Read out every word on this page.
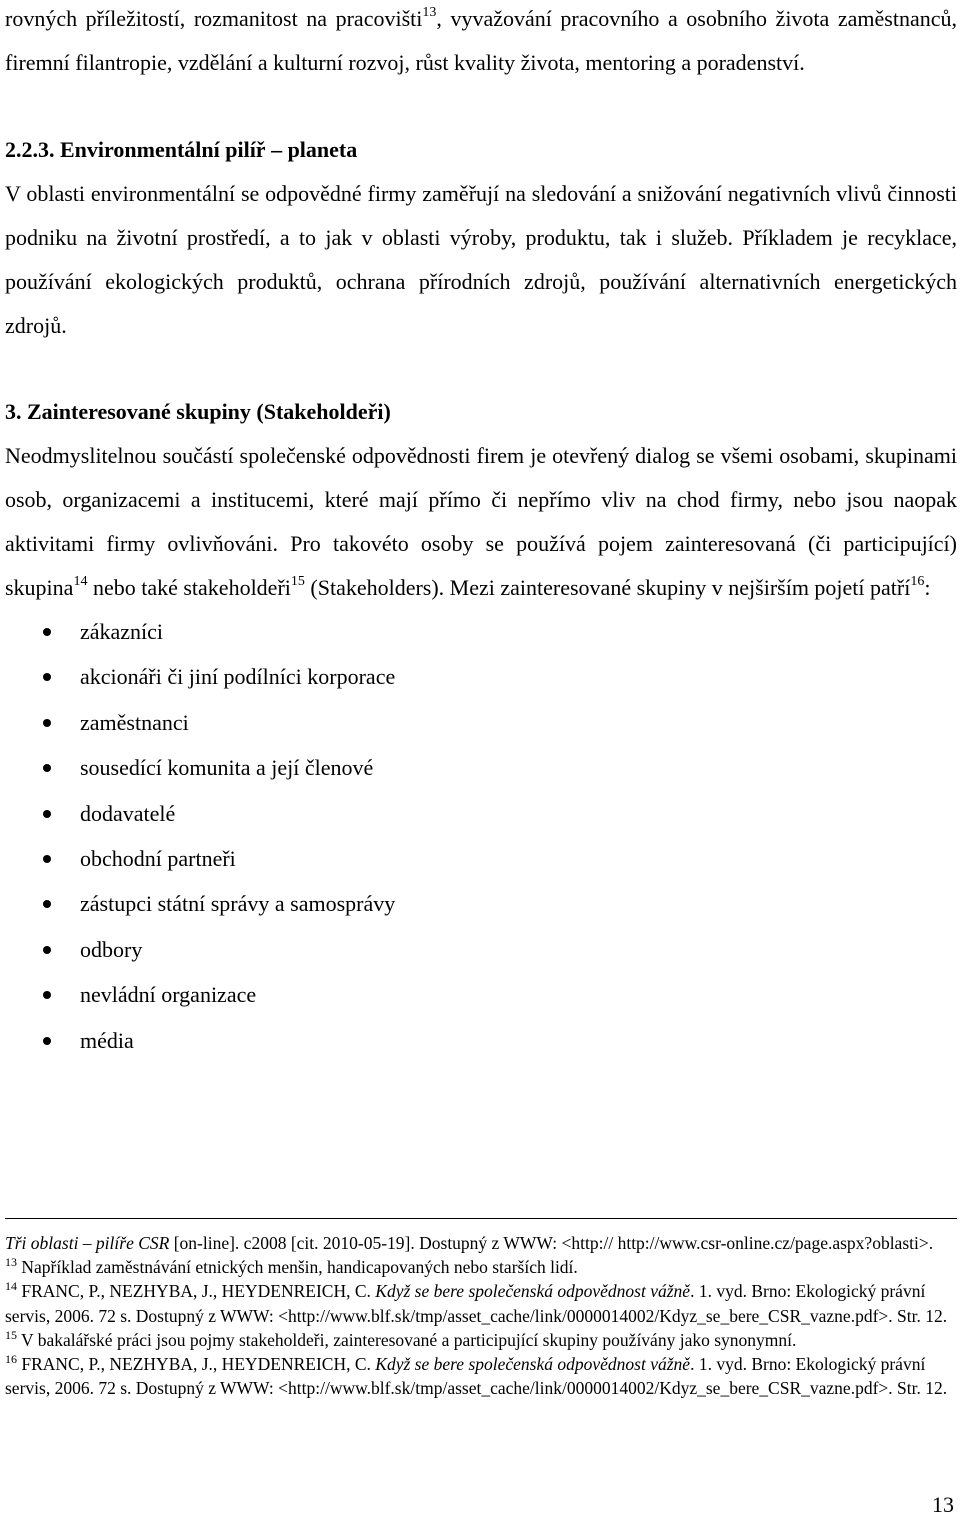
rovných příležitostí, rozmanitost na pracovišti$^{13}$, vyvažování pracovního a osobního života zaměstnanců, firemní filantropie, vzdělání a kulturní rozvoj, růst kvality života, mentoring a poradenství.

2.2.3. Environmentální pilíř – planeta

V oblasti environmentální se odpovědné firmy zaměřují na sledování a snižování negativních vlivů činnosti podniku na životní prostředí, a to jak v oblasti výroby, produktu, tak i služeb. Příkladem je recyklace, používání ekologických produktů, ochrana přírodních zdrojů, používání alternativních energetických zdrojů.

3. Zainteresované skupiny (Stakeholdeři)

Neodmyslitelnou součástí společenské odpovědnosti firem je otevřený dialog se všemi osobami, skupinami osob, organizacemi a institucemi, které mají přímo či nepřímo vliv na chod firmy, nebo jsou naopak aktivitami firmy ovlivňováni. Pro takovéto osoby se používá pojem zainteresovaná (či participující) skupina$^{14}$ nebo také stakeholdeři$^{15}$ (Stakeholders). Mezi zainteresované skupiny v nejširším pojetí patří$^{16}$:

zákazníci
akcionáři či jiní podílníci korporace
zaměstnanci
sousedící komunita a její členové
dodavatelé
obchodní partneři
zástupci státní správy a samosprávy
odbory
nevládní organizace
média

Tři oblasti – pilíře CSR [on-line]. c2008 [cit. 2010-05-19]. Dostupný z WWW: <http:// http://www.csr-online.cz/page.aspx?oblasti>.

$^{13}$ Například zaměstnávání etnických menšin, handicapovaných nebo starších lidí.

$^{14}$ FRANC, P., NEZHYBA, J., HEYDENREICH, C. Když se bere společenská odpovědnost vážně. 1. vyd. Brno: Ekologický právní servis, 2006. 72 s. Dostupný z WWW: <http://www.blf.sk/tmp/asset_cache/link/0000014002/Kdyz_se_bere_CSR_vazne.pdf>. Str. 12.

$^{15}$ V bakalářské práci jsou pojmy stakeholdeři, zainteresované a participující skupiny používány jako synonymní.

$^{16}$ FRANC, P., NEZHYBA, J., HEYDENREICH, C. Když se bere společenská odpovědnost vážně. 1. vyd. Brno: Ekologický právní servis, 2006. 72 s. Dostupný z WWW: <http://www.blf.sk/tmp/asset_cache/link/0000014002/Kdyz_se_bere_CSR_vazne.pdf>. Str. 12.

13
